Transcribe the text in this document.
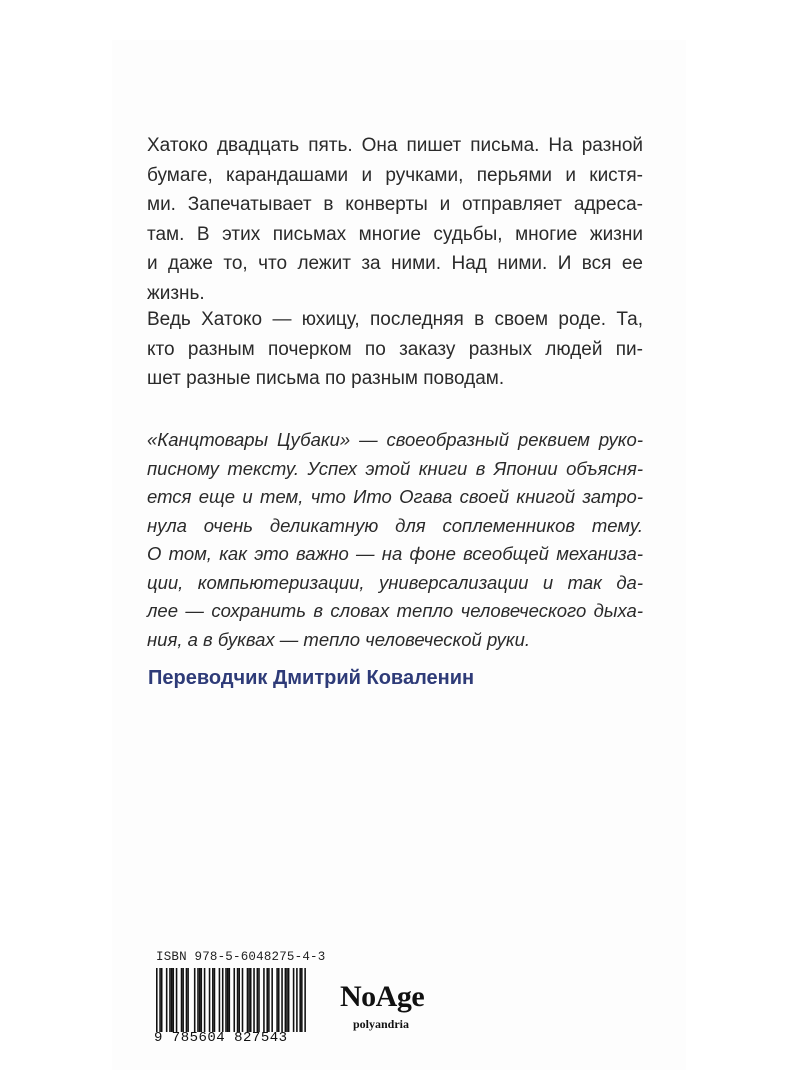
Хатоко двадцать пять. Она пишет письма. На разной

бумаге, карандашами и ручками, перьями и кистя-

ми. Запечатывает в конверты и отправляет адреса-

там. В этих письмах многие судьбы, многие жизни

и даже то, что лежит за ними. Над ними. И вся ее

жизнь.

Ведь Хатоко — юхицу, последняя в своем роде. Та,

кто разным почерком по заказу разных людей пи-

шет разные письма по разным поводам.

«Канцтовары Цубаки» — своеобразный реквием руко-

писному тексту. Успех этой книги в Японии объясня-

ется еще и тем, что Ито Огава своей книгой затро-

нула очень деликатную для соплеменников тему.

О том, как это важно — на фоне всеобщей механиза-

ции, компьютеризации, универсализации и так да-

лее — сохранить в словах тепло человеческого дыха-

ния, а в буквах — тепло человеческой руки.

Переводчик Дмитрий Коваленин
ISBN 978-5-6048275-4-3
9 785604 827543
NoAge
polyandria
